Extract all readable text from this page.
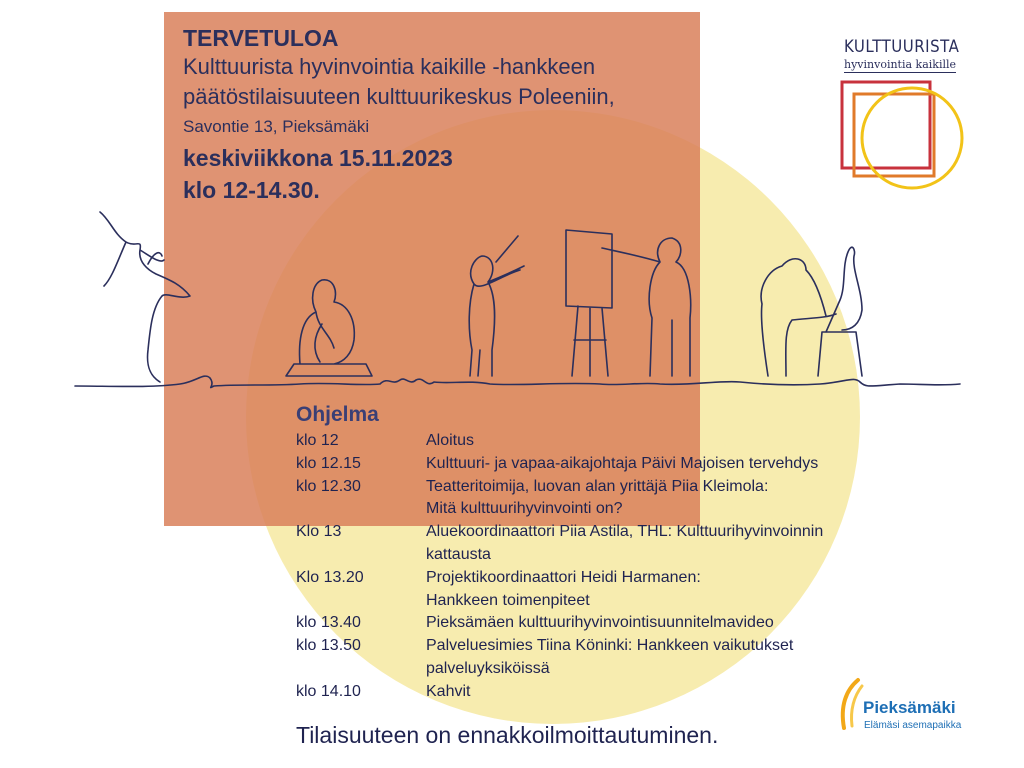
TERVETULOA
Kulttuurista hyvinvointia kaikille -hankkeen
päätöstilaisuuteen kulttuurikeskus Poleeniin,
Savontie 13, Pieksämäki
keskiviikkona 15.11.2023
klo 12-14.30.
KULTTUURISTA
hyvinvointia kaikille
Ohjelma
klo 12	Aloitus
klo 12.15	Kulttuuri- ja vapaa-aikajohtaja Päivi Majoisen tervehdys
klo 12.30	Teatteritoimija, luovan alan yrittäjä Piia Kleimola:
Mitä kulttuurihyvinvointi on?
Klo 13	Aluekoordinaattori Piia Astila, THL: Kulttuurihyvinvoinnin
kattausta
Klo 13.20	Projektikoordinaattori Heidi Harmanen:
Hankkeen toimenpiteet
klo 13.40	Pieksämäen kulttuurihyvinvointisuunnitelmavideo
klo 13.50	Palveluesimies Tiina Köninki: Hankkeen vaikutukset
palveluyksiköissä
klo 14.10	Kahvit
Tilaisuuteen on ennakkoilmoittautuminen.
Pieksämäki
Elämäsi asemapaikka
